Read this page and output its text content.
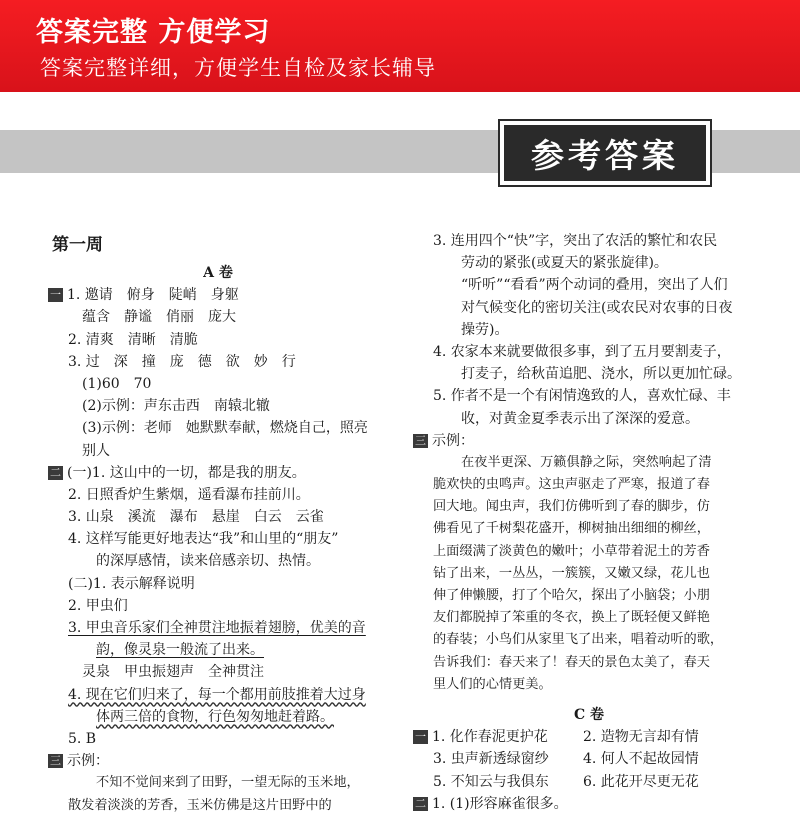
答案完整 方便学习
答案完整详细，方便学生自检及家长辅导
参考答案
第一周
A 卷
一 1. 邀请　俯身　陡峭　身躯
蕴含　静谧　俏丽　庞大
2. 清爽　清晰　清脆
3. 过　深　撞　庞　德　欲　妙　行
(1)60　70
(2)示例：声东击西　南辕北辙
(3)示例：老师　她默默奉献，燃烧自己，照亮
别人
二 (一)1. 这山中的一切，都是我的朋友。
2. 日照香炉生紫烟，遥看瀑布挂前川。
3. 山泉　溪流　瀑布　悬崖　白云　云雀
4. 这样写能更好地表达“我”和山里的“朋友”
的深厚感情，读来倍感亲切、热情。
(二)1. 表示解释说明
2. 甲虫们
3. 甲虫音乐家们全神贯注地振着翅膀，优美的音
韵，像灵泉一般流了出来。
灵泉　甲虫振翅声　全神贯注
4. 现在它们归来了，每一个都用前肢推着大过身
体两三倍的食物，行色匆匆地赶着路。
5. B
三 示例：
不知不觉间来到了田野，一望无际的玉米地，
散发着淡淡的芳香，玉米仿佛是这片田野中的
3. 连用四个“快”字，突出了农活的繁忙和农民
劳动的紧张(或夏天的紧张旋律)。
“听听”“看看”两个动词的叠用，突出了人们
对气候变化的密切关注(或农民对农事的日夜
操劳)。
4. 农家本来就要做很多事，到了五月要割麦子，
打麦子，给秋苗追肥、浇水，所以更加忙碌。
5. 作者不是一个有闲情逸致的人，喜欢忙碌、丰
收，对黄金夏季表示出了深深的爱意。
三 示例：
在夜半更深、万籁俱静之际，突然响起了清
脆欢快的虫鸣声。这虫声驱走了严寒，报道了春
回大地。闻虫声，我们仿佛听到了春的脚步，仿
佛看见了千树梨花盛开，柳树抽出细细的柳丝，
上面缀满了淡黄色的嫩叶；小草带着泥土的芳香
钻了出来，一丛丛，一簇簇，又嫩又绿，花儿也
伸了伸懒腰，打了个哈欠，探出了小脑袋；小朋
友们都脱掉了笨重的冬衣，换上了既轻便又鲜艳
的春装；小鸟们从家里飞了出来，唱着动听的歌，
告诉我们：春天来了！春天的景色太美了，春天
里人们的心情更美。
C 卷
一 1. 化作春泥更护花	2. 造物无言却有情
3. 虫声新透绿窗纱	4. 何人不起故园情
5. 不知云与我俱东	6. 此花开尽更无花
二 1. (1)形容麻雀很多。
